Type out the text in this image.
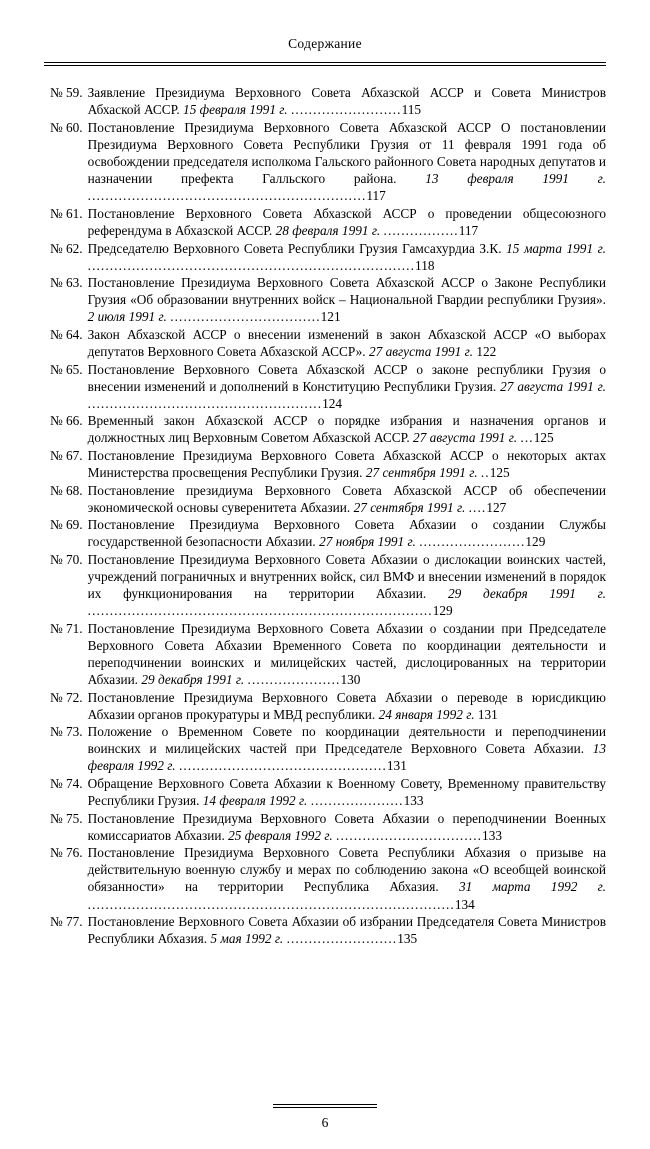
Содержание
№ 59. Заявление Президиума Верховного Совета Абхазской АССР и Совета Министров Абхаской АССР. 15 февраля 1991 г. .........................115
№ 60. Постановление Президиума Верховного Совета Абхазской АССР О постановлении Президиума Верховного Совета Республики Грузия от 11 февраля 1991 года об освобождении председателя исполкома Гальского районного Совета народных депутатов и назначении префекта Галльского района. 13 февраля 1991 г. ...............................................................117
№ 61. Постановление Верховного Совета Абхазской АССР о проведении общесоюзного референдума в Абхазской АССР. 28 февраля 1991 г. .................117
№ 62. Председателю Верховного Совета Республики Грузия Гамсахурдиа З.К. 15 марта 1991 г. ..........................................................................118
№ 63. Постановление Президиума Верховного Совета Абхазской АССР о Законе Республики Грузия «Об образовании внутренних войск – Национальной Гвардии республики Грузия». 2 июля 1991 г. ..................................121
№ 64. Закон Абхазской АССР о внесении изменений в закон Абхазской АССР «О выборах депутатов Верховного Совета Абхазской АССР». 27 августа 1991 г. 122
№ 65. Постановление Верховного Совета Абхазской АССР о законе республики Грузия о внесении изменений и дополнений в Конституцию Республики Грузия. 27 августа 1991 г. .....................................................124
№ 66. Временный закон Абхазской АССР о порядке избрания и назначения органов и должностных лиц Верховным Советом Абхазской АССР. 27 августа 1991 г. ...125
№ 67. Постановление Президиума Верховного Совета Абхазской АССР о некоторых актах Министерства просвещения Республики Грузия. 27 сентября 1991 г. ..125
№ 68. Постановление президиума Верховного Совета Абхазской АССР об обеспечении экономической основы суверенитета Абхазии. 27 сентября 1991 г. ....127
№ 69. Постановление Президиума Верховного Совета Абхазии о создании Службы государственной безопасности Абхазии. 27 ноября 1991 г. ........................129
№ 70. Постановление Президиума Верховного Совета Абхазии о дислокации воинских частей, учреждений пограничных и внутренних войск, сил ВМФ и внесении изменений в порядок их функционирования на территории Абхазии. 29 декабря 1991 г. ..............................................................................129
№ 71. Постановление Президиума Верховного Совета Абхазии о создании при Председателе Верховного Совета Абхазии Временного Совета по координации деятельности и переподчинении воинских и милицейских частей, дислоцированных на территории Абхазии. 29 декабря 1991 г. .....................130
№ 72. Постановление Президиума Верховного Совета Абхазии о переводе в юрисдикцию Абхазии органов прокуратуры и МВД республики. 24 января 1992 г. 131
№ 73. Положение о Временном Совете по координации деятельности и переподчинении воинских и милицейских частей при Председателе Верховного Совета Абхазии. 13 февраля 1992 г. ...............................................131
№ 74. Обращение Верховного Совета Абхазии к Военному Совету, Временному правительству Республики Грузия. 14 февраля 1992 г. .....................133
№ 75. Постановление Президиума Верховного Совета Абхазии о переподчинении Военных комиссариатов Абхазии. 25 февраля 1992 г. .................................133
№ 76. Постановление Президиума Верховного Совета Республики Абхазия о призыве на действительную военную службу и мерах по соблюдению закона «О всеобщей воинской обязанности» на территории Республика Абхазия. 31 марта 1992 г. ...................................................................................134
№ 77. Постановление Верховного Совета Абхазии об избрании Председателя Совета Министров Республики Абхазия. 5 мая 1992 г. .........................135
6
